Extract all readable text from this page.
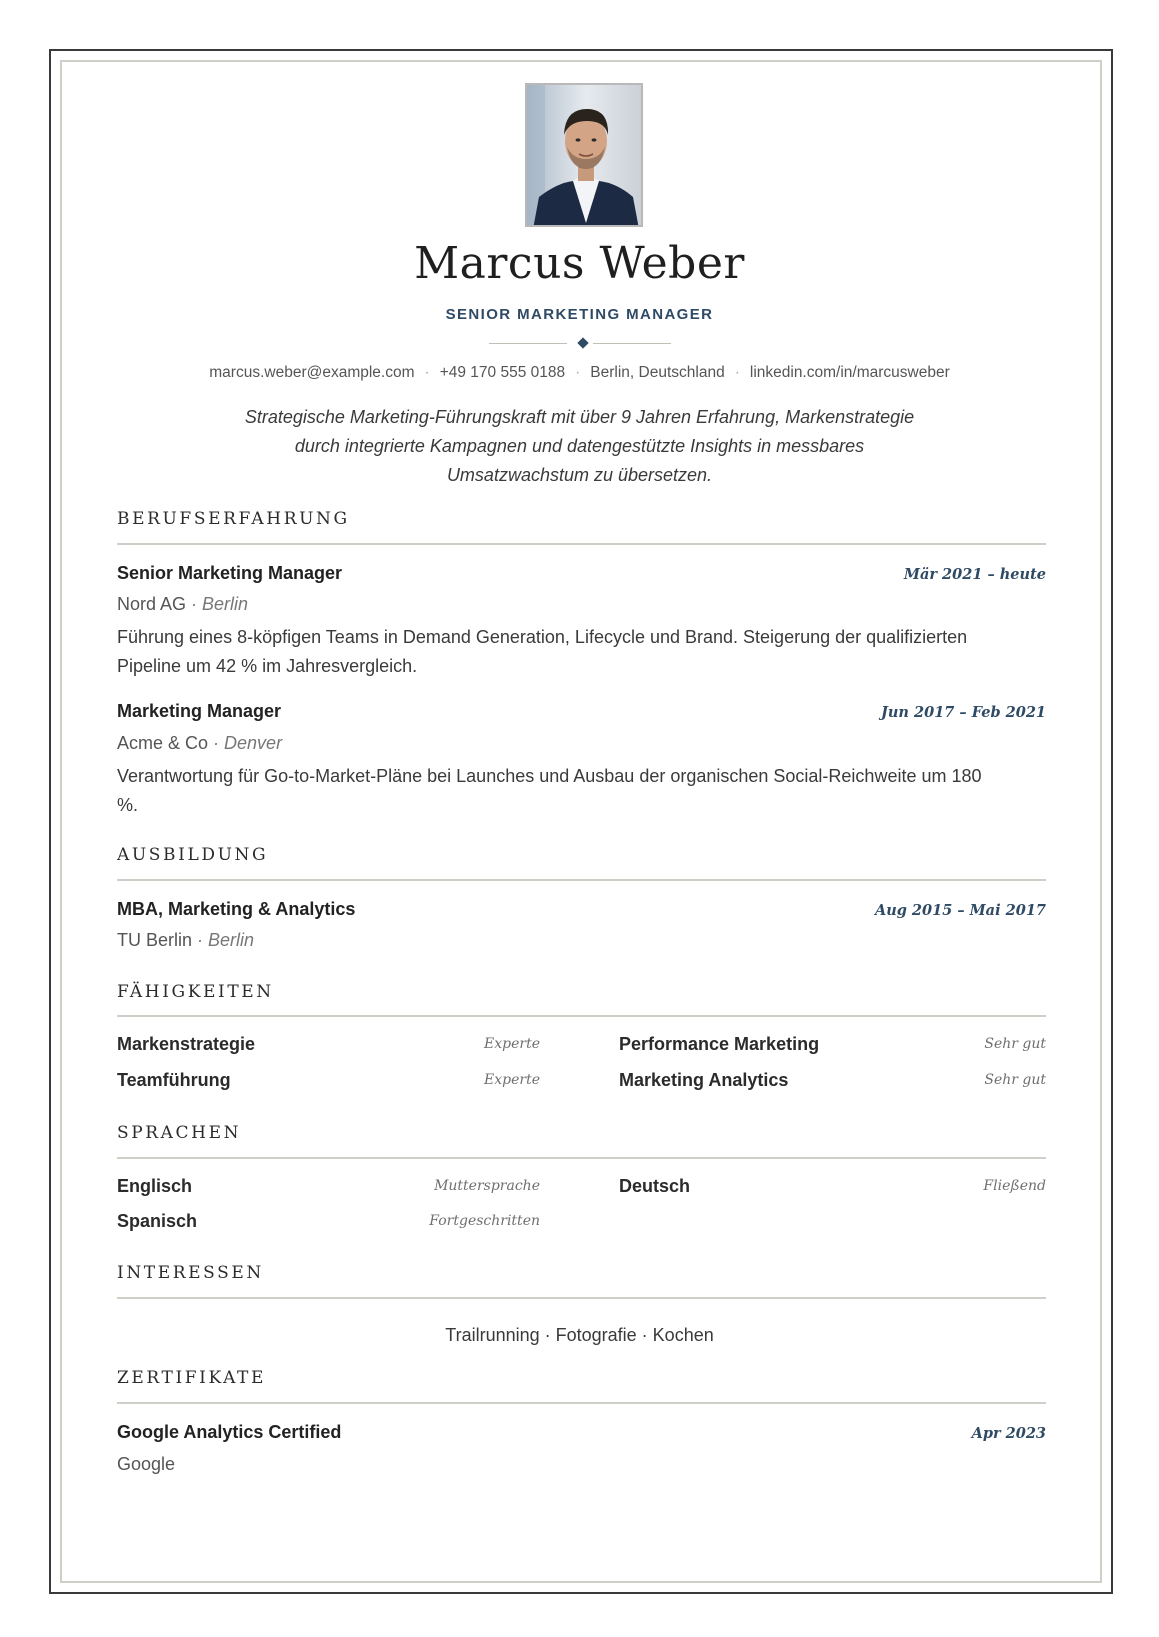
Marcus Weber
SENIOR MARKETING MANAGER
marcus.weber@example.com · +49 170 555 0188 · Berlin, Deutschland · linkedin.com/in/marcusweber
Strategische Marketing-Führungskraft mit über 9 Jahren Erfahrung, Markenstrategie
durch integrierte Kampagnen und datengestützte Insights in messbares
Umsatzwachstum zu übersetzen.
BERUFSERFAHRUNG
Senior Marketing Manager	Mär 2021 – heute
Nord AG · Berlin
Führung eines 8-köpfigen Teams in Demand Generation, Lifecycle und Brand. Steigerung der qualifizierten
Pipeline um 42 % im Jahresvergleich.
Marketing Manager	Jun 2017 – Feb 2021
Acme & Co · Denver
Verantwortung für Go-to-Market-Pläne bei Launches und Ausbau der organischen Social-Reichweite um 180
%.
AUSBILDUNG
MBA, Marketing & Analytics	Aug 2015 – Mai 2017
TU Berlin · Berlin
FÄHIGKEITEN
Markenstrategie	Experte	Performance Marketing	Sehr gut
Teamführung	Experte	Marketing Analytics	Sehr gut
SPRACHEN
Englisch	Muttersprache	Deutsch	Fließend
Spanisch	Fortgeschritten
INTERESSEN
Trailrunning · Fotografie · Kochen
ZERTIFIKATE
Google Analytics Certified	Apr 2023
Google
